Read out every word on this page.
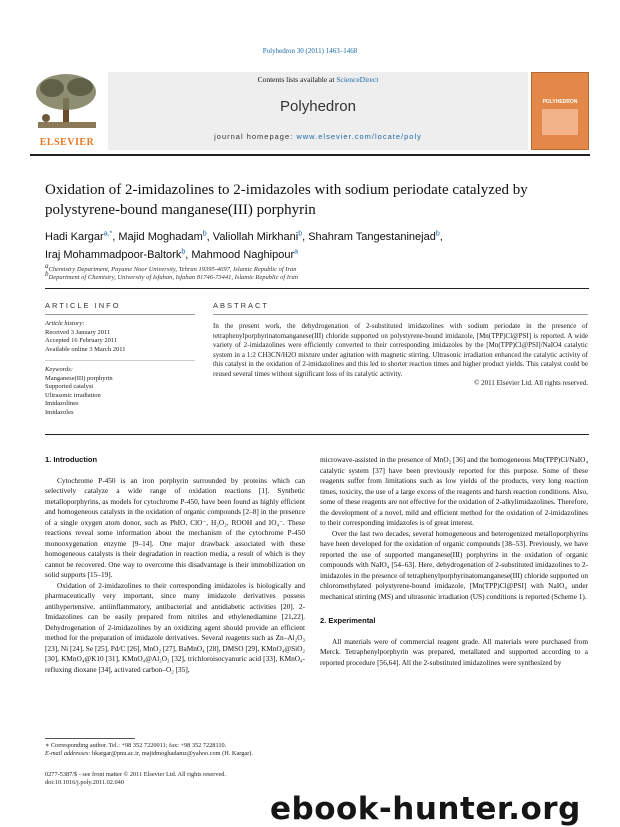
Polyhedron 30 (2011) 1463–1468
ELSEVIER
Contents lists available at ScienceDirect
Polyhedron
journal homepage: www.elsevier.com/locate/poly
POLYHEDRON
Oxidation of 2-imidazolines to 2-imidazoles with sodium periodate catalyzed by polystyrene-bound manganese(III) porphyrin
Hadi Kargar$^{a,*}$, Majid Moghadam$^b$, Valiollah Mirkhani$^b$, Shahram Tangestaninejad$^b$,
Iraj Mohammadpoor-Baltork$^b$, Mahmood Naghipour$^a$
aChemistry Department, Payame Noor University, Tehran 19395-4697, Islamic Republic of Iran
bDepartment of Chemistry, University of Isfahan, Isfahan 81746-73441, Islamic Republic of Iran
ARTICLE INFO
Article history:
Received 3 January 2011
Accepted 16 February 2011
Available online 3 March 2011
Keywords:
Manganese(III) porphyrin
Supported catalyst
Ultrasonic irradiation
Imidazolines
Imidazoles
ABSTRACT
In the present work, the dehydrogenation of 2-substituted imidazolines with sodium periodate in the presence of tetraphenylporphyrinatomanganese(III) chloride supported on polystyrene-bound imidazole, [Mn(TPP)Cl@PSI] is reported. A wide variety of 2-imidazolines were efficiently converted to their corresponding imidazoles by the [Mn(TPP)Cl@PSI]/NaIO4 catalytic system in a 1:2 CH3CN/H2O mixture under agitation with magnetic stirring. Ultrasonic irradiation enhanced the catalytic activity of this catalyst in the oxidation of 2-imidazolines and this led to shorter reaction times and higher product yields. This catalyst could be reused several times without significant loss of its catalytic activity.
© 2011 Elsevier Ltd. All rights reserved.
1. Introduction

Cytochrome P-450 is an iron porphyrin surrounded by proteins which can selectively catalyze a wide range of oxidation reactions [1]. Synthetic metalloporphyrins, as models for cytochrome P-450, have been found as highly efficient and homogeneous catalysts in the oxidation of organic compounds [2–8] in the presence of a single oxygen atom donor, such as PhIO, ClO⁻, H₂O₂, ROOH and IO₄⁻. These reactions reveal some information about the mechanism of the cytochrome P-450 monooxygenation enzyme [9–14]. One major drawback associated with these homogeneous catalysts is their degradation in reaction media, a result of which is they cannot be recovered. One way to overcome this disadvantage is their immobilization on solid supports [15–19].

Oxidation of 2-imidazolines to their corresponding imidazoles is biologically and pharmaceutically very important, since many imidazole derivatives possess antihypertensive, antiinflammatory, antibacterial and antidiabetic activities [20]. 2-Imidazolines can be easily prepared from nitriles and ethylenediamine [21,22]. Dehydrogenation of 2-imidazolines by an oxidizing agent should provide an efficient method for the preparation of imidazole derivatives. Several reagents such as Zn–Al₂O₃ [23], Ni [24], Se [25], Pd/C [26], MnO₂ [27], BaMnO₄ [28], DMSO [29], KMnO₄@SiO₂ [30], KMnO₄@K10 [31], KMnO₄@Al₂O₃ [32], trichloroisocyanuric acid [33], KMnO₄-refluxing dioxane [34], activated carbon–O₂ [35],

microwave-assisted in the presence of MnO₂ [36] and the homogeneous Mn(TPP)Cl/NaIO₄ catalytic system [37] have been previously reported for this purpose. Some of these reagents suffer from limitations such as low yields of the products, very long reaction times, toxicity, the use of a large excess of the reagents and harsh reaction conditions. Also, some of these reagents are not effective for the oxidation of 2-alkylimidazolines. Therefore, the development of a novel, mild and efficient method for the oxidation of 2-imidazolines to their corresponding imidazoles is of great interest.

Over the last two decades, several homogeneous and heterogenized metalloporphyrins have been developed for the oxidation of organic compounds [38–53]. Previously, we have reported the use of supported manganese(III) porphyrins in the oxidation of organic compounds with NaIO₄ [54–63]. Here, dehydrogenation of 2-substituted imidazolines to 2-imidazoles in the presence of tetraphenylporphyrinatomanganese(III) chloride supported on chloromethylated polystyrene-bound imidazole, [Mn(TPP)Cl@PSI] with NaIO₄ under mechanical stirring (MS) and ultrasonic irradiation (US) conditions is reported (Scheme 1).

2. Experimental

All materials were of commercial reagent grade. All materials were purchased from Merck. Tetraphenylporphyrin was prepared, metallated and supported according to a reported procedure [56,64]. All the 2-substituted imidazolines were synthesized by

∗ Corresponding author. Tel.: +98 352 7220011; fax: +98 352 7228110.
E-mail addresses: hkargar@pnu.ac.ir, majidmoghadamz@yahoo.com (H. Kargar).
0277-5387/$ - see front matter © 2011 Elsevier Ltd. All rights reserved.
doi:10.1016/j.poly.2011.02.040
ebook-hunter.org
